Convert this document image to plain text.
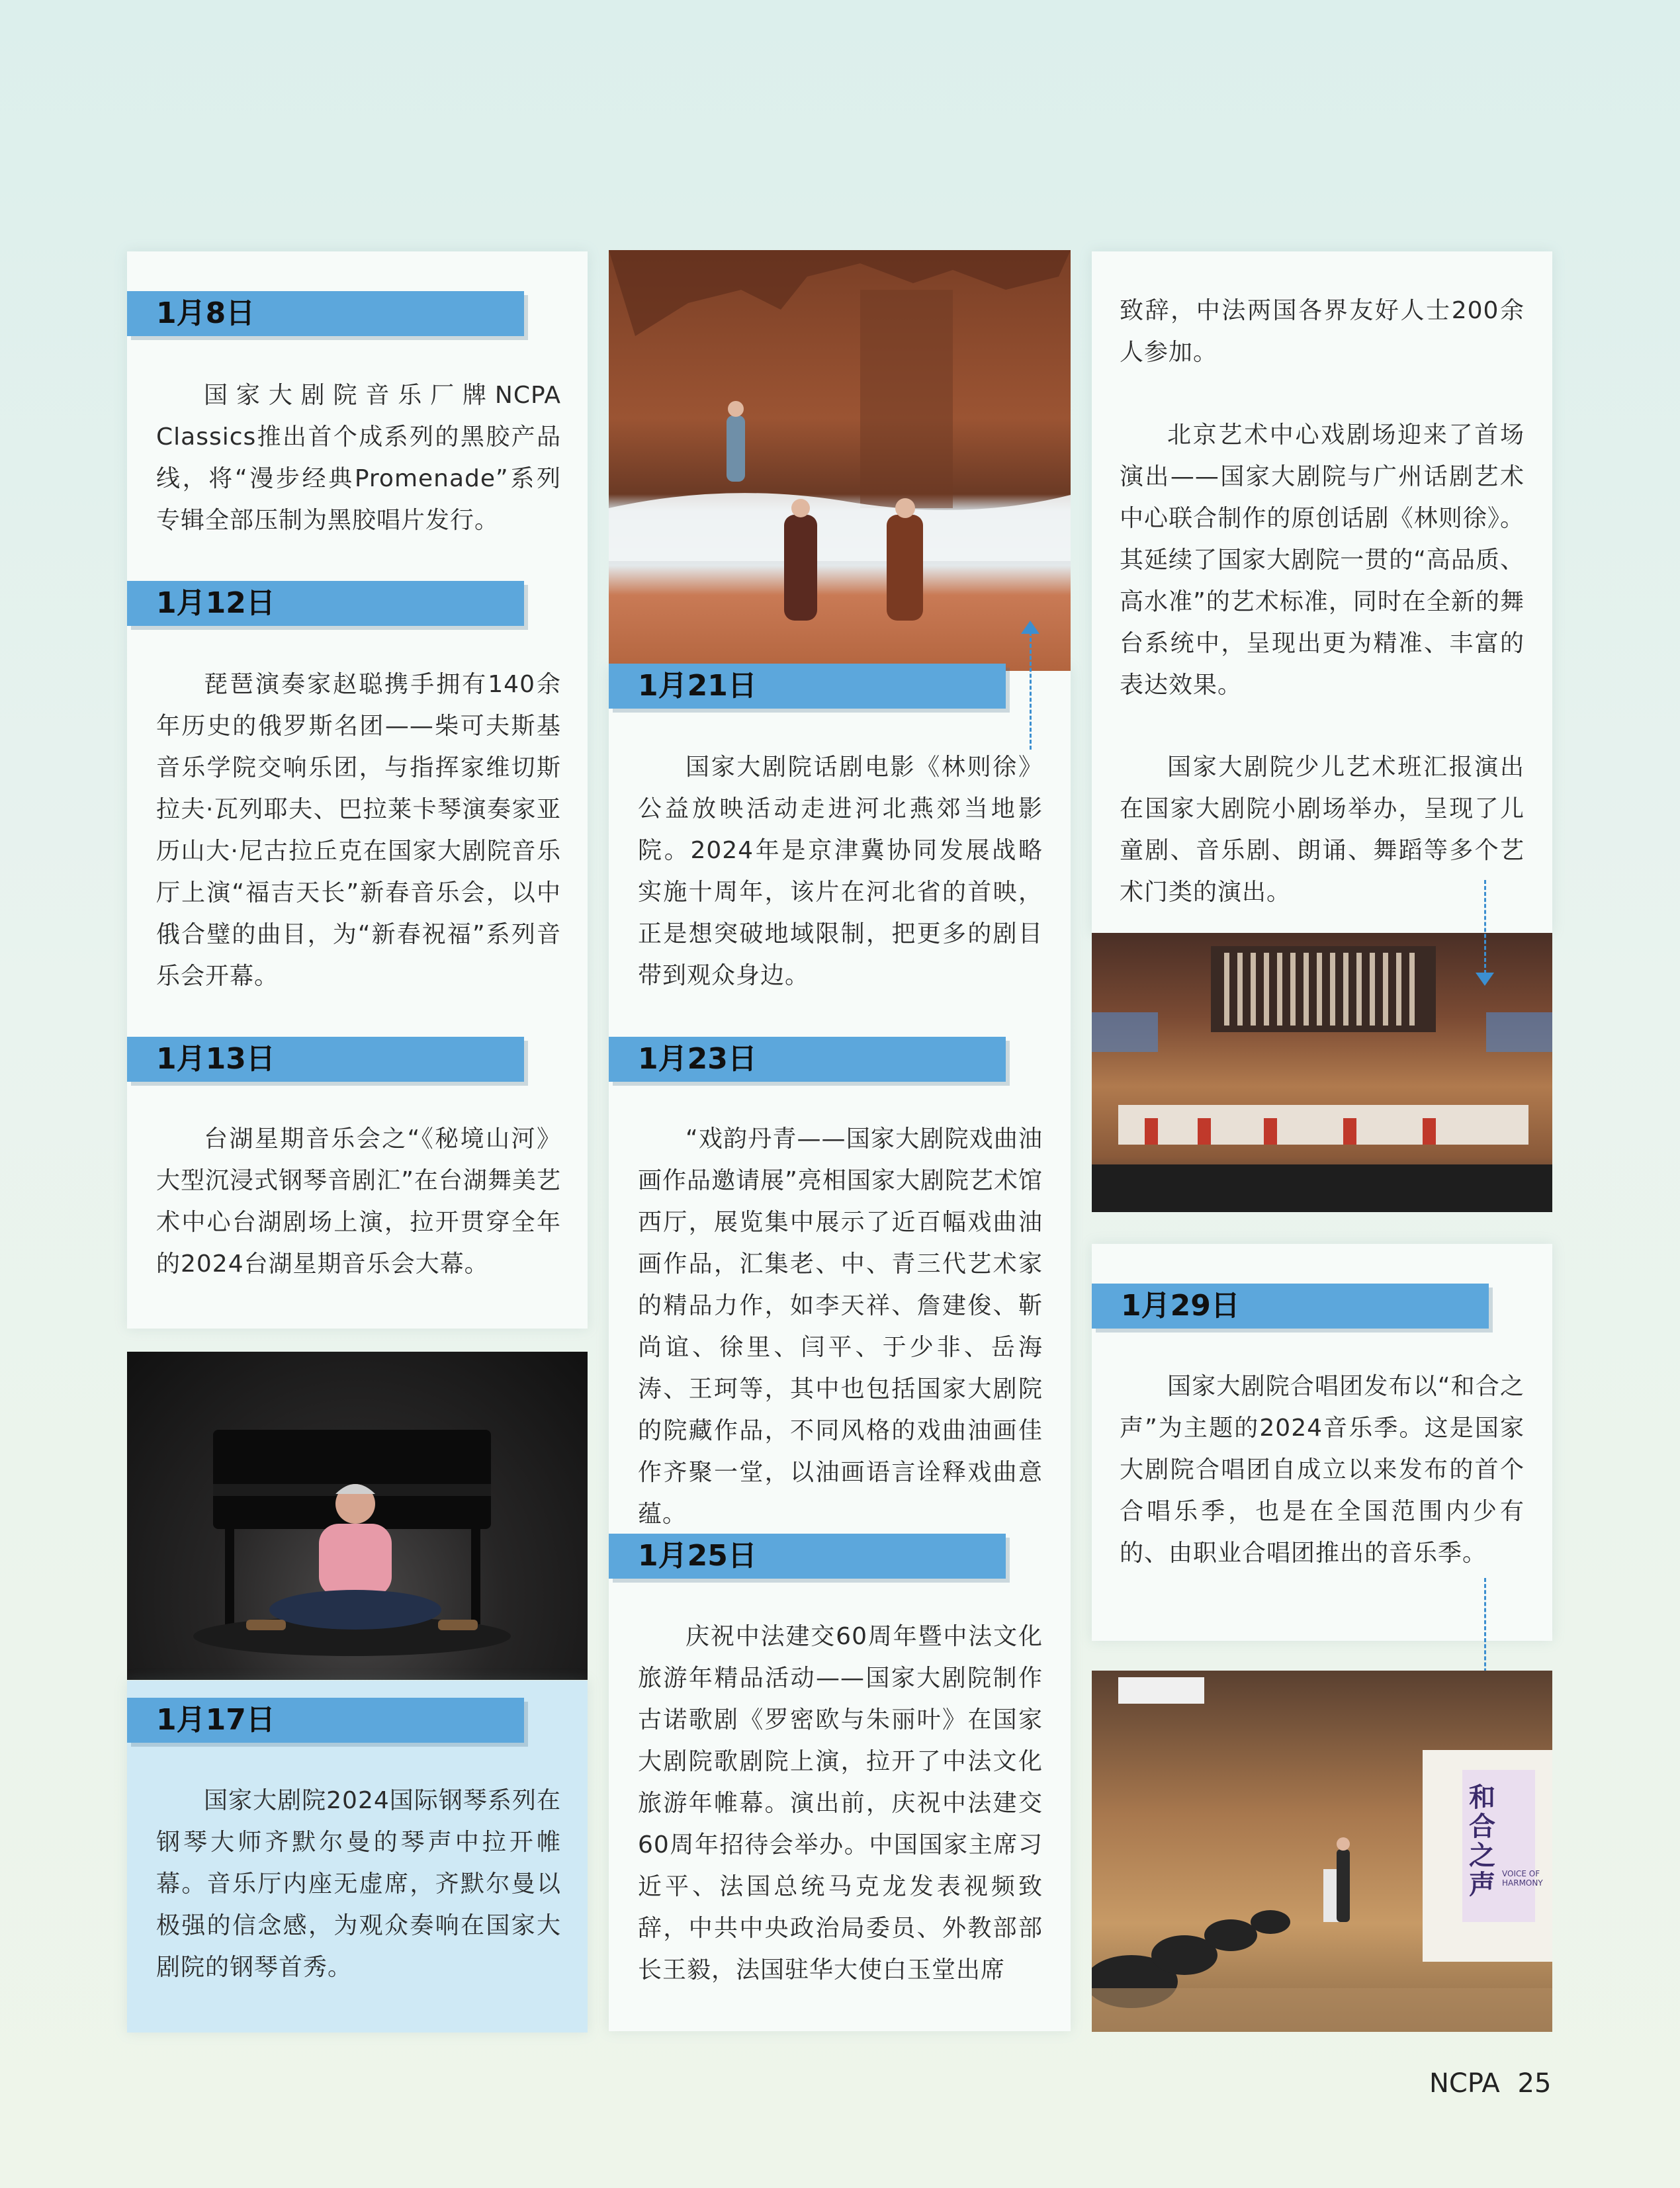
1月8日

国家大剧院音乐厂牌NCPA Classics推出首个成系列的黑胶产品线，将“漫步经典Promenade”系列专辑全部压制为黑胶唱片发行。

1月12日

琵琶演奏家赵聪携手拥有140余年历史的俄罗斯名团——柴可夫斯基音乐学院交响乐团，与指挥家维切斯拉夫·瓦列耶夫、巴拉莱卡琴演奏家亚历山大·尼古拉丘克在国家大剧院音乐厅上演“福吉天长”新春音乐会，以中俄合璧的曲目，为“新春祝福”系列音乐会开幕。

1月13日

台湖星期音乐会之“《秘境山河》大型沉浸式钢琴音剧汇”在台湖舞美艺术中心台湖剧场上演，拉开贯穿全年的2024台湖星期音乐会大幕。

1月17日

国家大剧院2024国际钢琴系列在钢琴大师齐默尔曼的琴声中拉开帷幕。音乐厅内座无虚席，齐默尔曼以极强的信念感，为观众奏响在国家大剧院的钢琴首秀。

1月21日

国家大剧院话剧电影《林则徐》公益放映活动走进河北燕郊当地影院。2024年是京津冀协同发展战略实施十周年，该片在河北省的首映，正是想突破地域限制，把更多的剧目带到观众身边。

1月23日

“戏韵丹青——国家大剧院戏曲油画作品邀请展”亮相国家大剧院艺术馆西厅，展览集中展示了近百幅戏曲油画作品，汇集老、中、青三代艺术家的精品力作，如李天祥、詹建俊、靳尚谊、徐里、闫平、于少非、岳海涛、王珂等，其中也包括国家大剧院的院藏作品，不同风格的戏曲油画佳作齐聚一堂，以油画语言诠释戏曲意蕴。

1月25日

庆祝中法建交60周年暨中法文化旅游年精品活动——国家大剧院制作古诺歌剧《罗密欧与朱丽叶》在国家大剧院歌剧院上演，拉开了中法文化旅游年帷幕。演出前，庆祝中法建交60周年招待会举办。中国国家主席习近平、法国总统马克龙发表视频致辞，中共中央政治局委员、外教部部长王毅，法国驻华大使白玉堂出席

致辞，中法两国各界友好人士200余人参加。

北京艺术中心戏剧场迎来了首场演出——国家大剧院与广州话剧艺术中心联合制作的原创话剧《林则徐》。其延续了国家大剧院一贯的“高品质、高水准”的艺术标准，同时在全新的舞台系统中，呈现出更为精准、丰富的表达效果。

国家大剧院少儿艺术班汇报演出在国家大剧院小剧场举办，呈现了儿童剧、音乐剧、朗诵、舞蹈等多个艺术门类的演出。

1月29日

国家大剧院合唱团发布以“和合之声”为主题的2024音乐季。这是国家大剧院合唱团自成立以来发布的首个合唱乐季，也是在全国范围内少有的、由职业合唱团推出的音乐季。

和合之声 VOICE OF HARMONY
NCPA 25
